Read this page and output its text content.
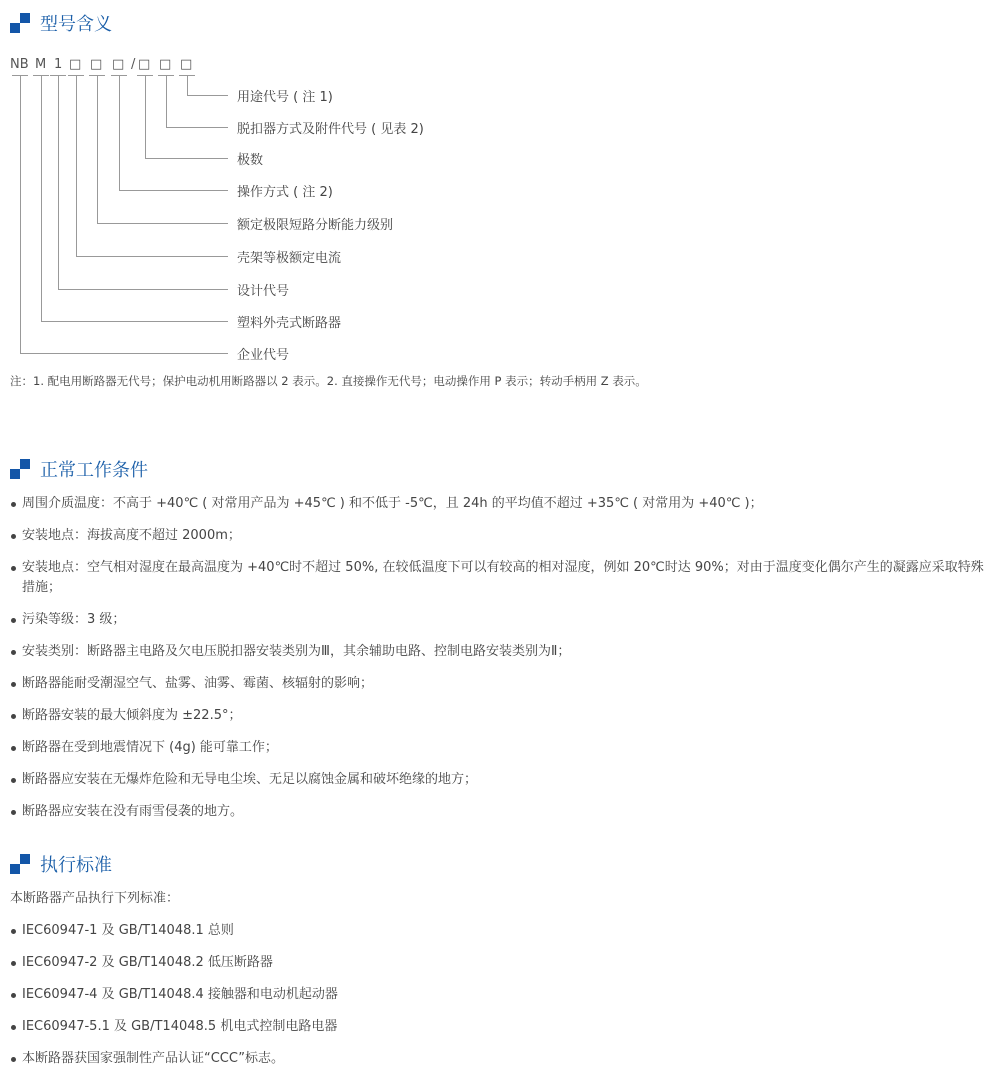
型号含义
NB M 1 □ □ □ / □ □ □
用途代号 ( 注 1)
脱扣器方式及附件代号 ( 见表 2)
极数
操作方式 ( 注 2)
额定极限短路分断能力级别
壳架等极额定电流
设计代号
塑料外壳式断路器
企业代号
注：1. 配电用断路器无代号；保护电动机用断路器以 2 表示。2. 直接操作无代号；电动操作用 P 表示；转动手柄用 Z 表示。
正常工作条件
周围介质温度：不高于 +40℃ ( 对常用产品为 +45℃ ) 和不低于 -5℃，且 24h 的平均值不超过 +35℃ ( 对常用为 +40℃ )；
安装地点：海拔高度不超过 2000m；
安装地点：空气相对湿度在最高温度为 +40℃时不超过 50%, 在较低温度下可以有较高的相对湿度，例如 20℃时达 90%；对由于温度变化偶尔产生的凝露应采取特殊措施；
污染等级：3 级；
安装类别：断路器主电路及欠电压脱扣器安装类别为Ⅲ，其余辅助电路、控制电路安装类别为Ⅱ；
断路器能耐受潮湿空气、盐雾、油雾、霉菌、核辐射的影响；
断路器安装的最大倾斜度为 ±22.5°；
断路器在受到地震情况下 (4g) 能可靠工作；
断路器应安装在无爆炸危险和无导电尘埃、无足以腐蚀金属和破坏绝缘的地方；
断路器应安装在没有雨雪侵袭的地方。
执行标准
本断路器产品执行下列标准：
IEC60947-1 及 GB/T14048.1 总则
IEC60947-2 及 GB/T14048.2 低压断路器
IEC60947-4 及 GB/T14048.4 接触器和电动机起动器
IEC60947-5.1 及 GB/T14048.5 机电式控制电路电器
本断路器获国家强制性产品认证“CCC”标志。
